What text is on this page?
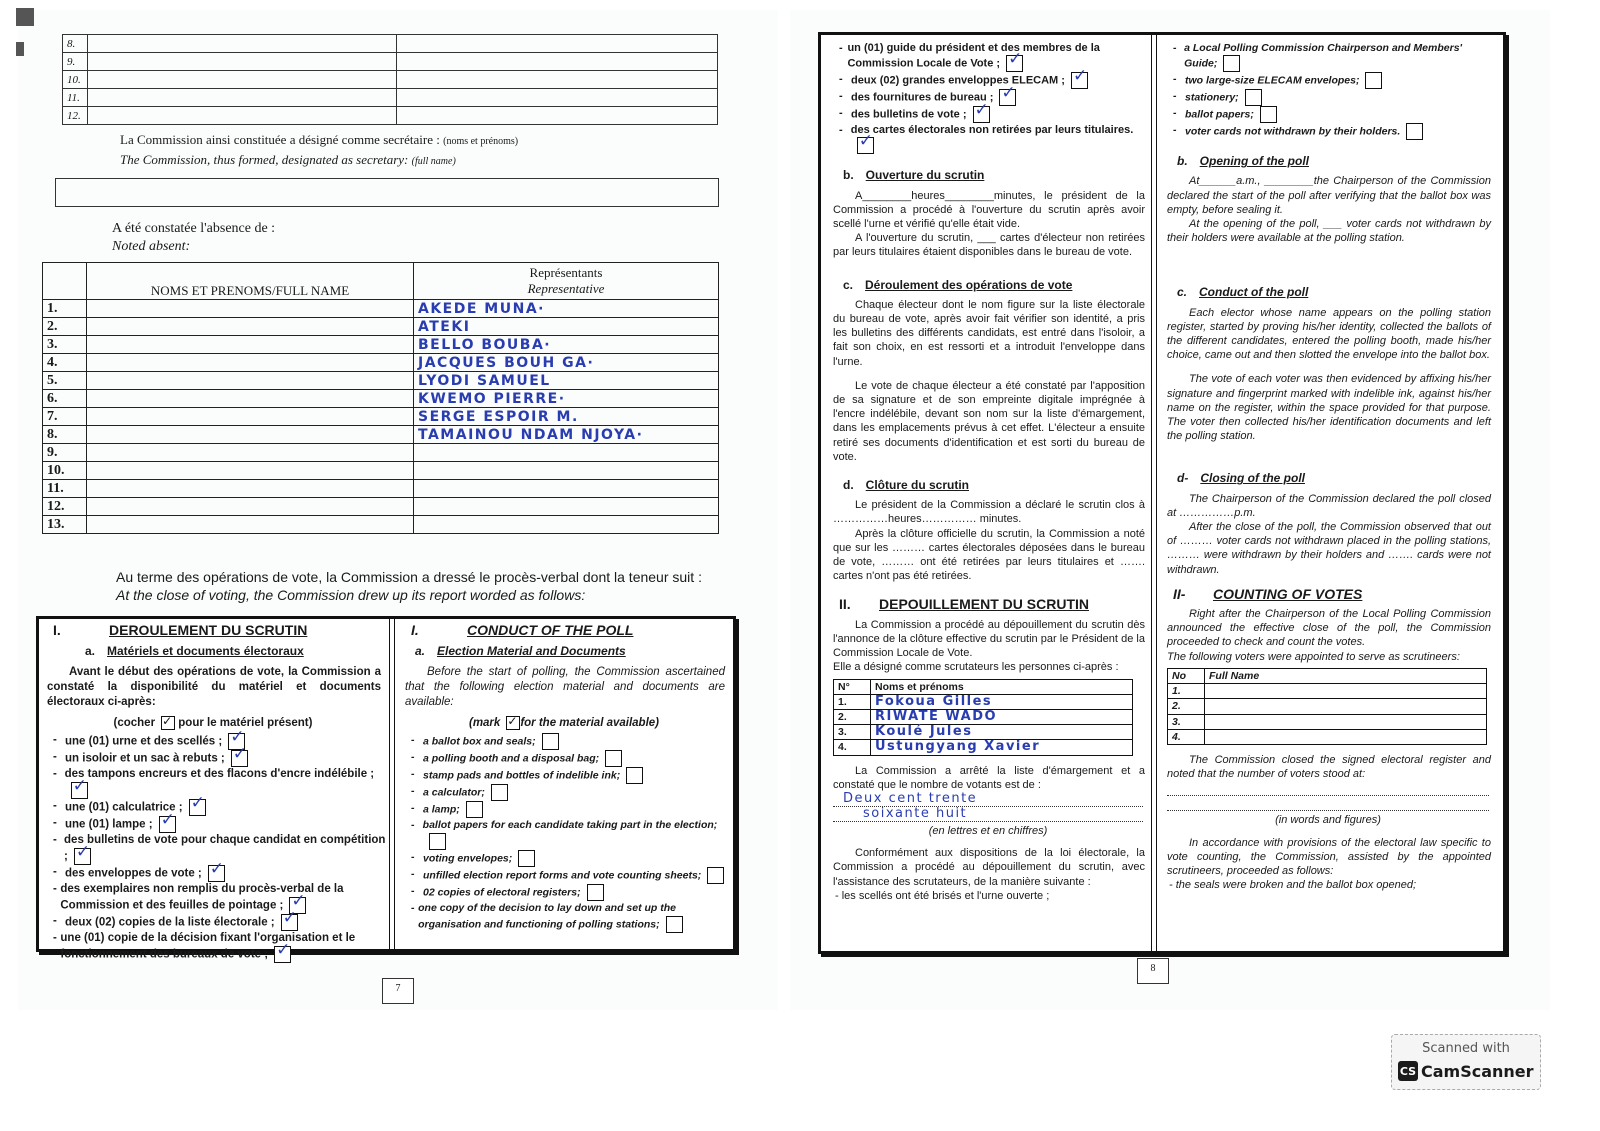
8.		
9.		
10.		
11.		
12.		
La Commission ainsi constituée a désigné comme secrétaire : (noms et prénoms)
The Commission, thus formed, designated as secretary: (full name)
A été constatée l'absence de :
Noted absent:
	NOMS ET PRENOMS/FULL NAME	Représentants
Representative

1.		AKEDE MUNA·
2.		ATEKI
3.		BELLO BOUBA·
4.		JACQUES BOUH GA·
5.		LYODI SAMUEL
6.		KWEMO PIERRE·
7.		SERGE ESPOIR M.
8.		TAMAINOU NDAM NJOYA·
9.		
10.		
11.		
12.		
13.		
Au terme des opérations de vote, la Commission a dressé le procès-verbal dont la teneur suit :
At the close of voting, the Commission drew up its report worded as follows:
I.	DEROULEMENT DU SCRUTIN
a. Matériels et documents électoraux
Avant le début des opérations de vote, la Commission a constaté la disponibilité du matériel et documents électoraux ci-après:
(cocher ✓ pour le matériel présent)
- une (01) urne et des scellés ;✓
- un isoloir et un sac à rebuts ;✓
- des tampons encreurs et des flacons d'encre indélébile ;✓
- une (01) calculatrice ;✓
- une (01) lampe ;✓
- des bulletins de vote pour chaque candidat en compétition ;✓
- des enveloppes de vote ;✓
- des exemplaires non remplis du procès-verbal de la Commission et des feuilles de pointage ;✓
- deux (02) copies de la liste électorale ;✓
- une (01) copie de la décision fixant l'organisation et le fonctionnement des bureaux de vote ;✓
I.	CONDUCT OF THE POLL
a. Election Material and Documents
Before the start of polling, the Commission ascertained that the following election material and documents are available:
(mark ✓ for the material available)
- a ballot box and seals;
- a polling booth and a disposal bag;
- stamp pads and bottles of indelible ink;
- a calculator;
- a lamp;
- ballot papers for each candidate taking part in the election;
- voting envelopes;
- unfilled election report forms and vote counting sheets;
- 02 copies of electoral registers;
- one copy of the decision to lay down and set up the organisation and functioning of polling stations;
7
- un (01) guide du président et des membres de la Commission Locale de Vote ;✓
- deux (02) grandes enveloppes ELECAM ;✓
- des fournitures de bureau ;✓
- des bulletins de vote ;✓
- des cartes électorales non retirées par leurs titulaires.✓
b. Ouverture du scrutin
A________heures________minutes, le président de la Commission a procédé à l'ouverture du scrutin après avoir scellé l'urne et vérifié qu'elle était vide.
A l'ouverture du scrutin, ___ cartes d'électeur non retirées par leurs titulaires étaient disponibles dans le bureau de vote.
c. Déroulement des opérations de vote
Chaque électeur dont le nom figure sur la liste électorale du bureau de vote, après avoir fait vérifier son identité, a pris les bulletins des différents candidats, est entré dans l'isoloir, a fait son choix, en est ressorti et a introduit l'enveloppe dans l'urne.
Le vote de chaque électeur a été constaté par l'apposition de sa signature et de son empreinte digitale imprégnée à l'encre indélébile, devant son nom sur la liste d'émargement, dans les emplacements prévus à cet effet. L'électeur a ensuite retiré ses documents d'identification et est sorti du bureau de vote.
d. Clôture du scrutin
Le président de la Commission a déclaré le scrutin clos à ……………heures…………… minutes.
Après la clôture officielle du scrutin, la Commission a noté que sur les ……… cartes électorales déposées dans le bureau de vote, ……… ont été retirées par leurs titulaires et ……. cartes n'ont pas été retirées.
II.	DEPOUILLEMENT DU SCRUTIN
La Commission a procédé au dépouillement du scrutin dès l'annonce de la clôture effective du scrutin par le Président de la Commission Locale de Vote.
Elle a désigné comme scrutateurs les personnes ci-après :
N°	Noms et prénoms
1.	Fokoua Gilles
2.	RIWATE WADO
3.	Koulé Jules
4.	Ustungyang Xavier
La Commission a arrêté la liste d'émargement et a constaté que le nombre de votants est de :
Deux cent trente
soixante huit
(en lettres et en chiffres)
Conformément aux dispositions de la loi électorale, la Commission a procédé au dépouillement du scrutin, avec l'assistance des scrutateurs, de la manière suivante :
- les scellés ont été brisés et l'urne ouverte ;
- a Local Polling Commission Chairperson and Members' Guide;
- two large-size ELECAM envelopes;
- stationery;
- ballot papers;
- voter cards not withdrawn by their holders.
b. Opening of the poll
At______a.m., ________the Chairperson of the Commission declared the start of the poll after verifying that the ballot box was empty, before sealing it.
At the opening of the poll, ___ voter cards not withdrawn by their holders were available at the polling station.
c. Conduct of the poll
Each elector whose name appears on the polling station register, started by proving his/her identity, collected the ballots of the different candidates, entered the polling booth, made his/her choice, came out and then slotted the envelope into the ballot box.
The vote of each voter was then evidenced by affixing his/her signature and fingerprint marked with indelible ink, against his/her name on the register, within the space provided for that purpose. The voter then collected his/her identification documents and left the polling station.
d- Closing of the poll
The Chairperson of the Commission declared the poll closed at ……………p.m.
After the close of the poll, the Commission observed that out of ……… voter cards not withdrawn placed in the polling stations, ……… were withdrawn by their holders and ……. cards were not withdrawn.
II-	COUNTING OF VOTES
Right after the Chairperson of the Local Polling Commission announced the effective close of the poll, the Commission proceeded to check and count the votes.
The following voters were appointed to serve as scrutineers:
No	Full Name
1.	
2.	
3.	
4.	
The Commission closed the signed electoral register and noted that the number of voters stood at:
(in words and figures)
In accordance with provisions of the electoral law specific to vote counting, the Commission, assisted by the appointed scrutineers, proceeded as follows:
- the seals were broken and the ballot box opened;
8
Scanned with
CS CamScanner
